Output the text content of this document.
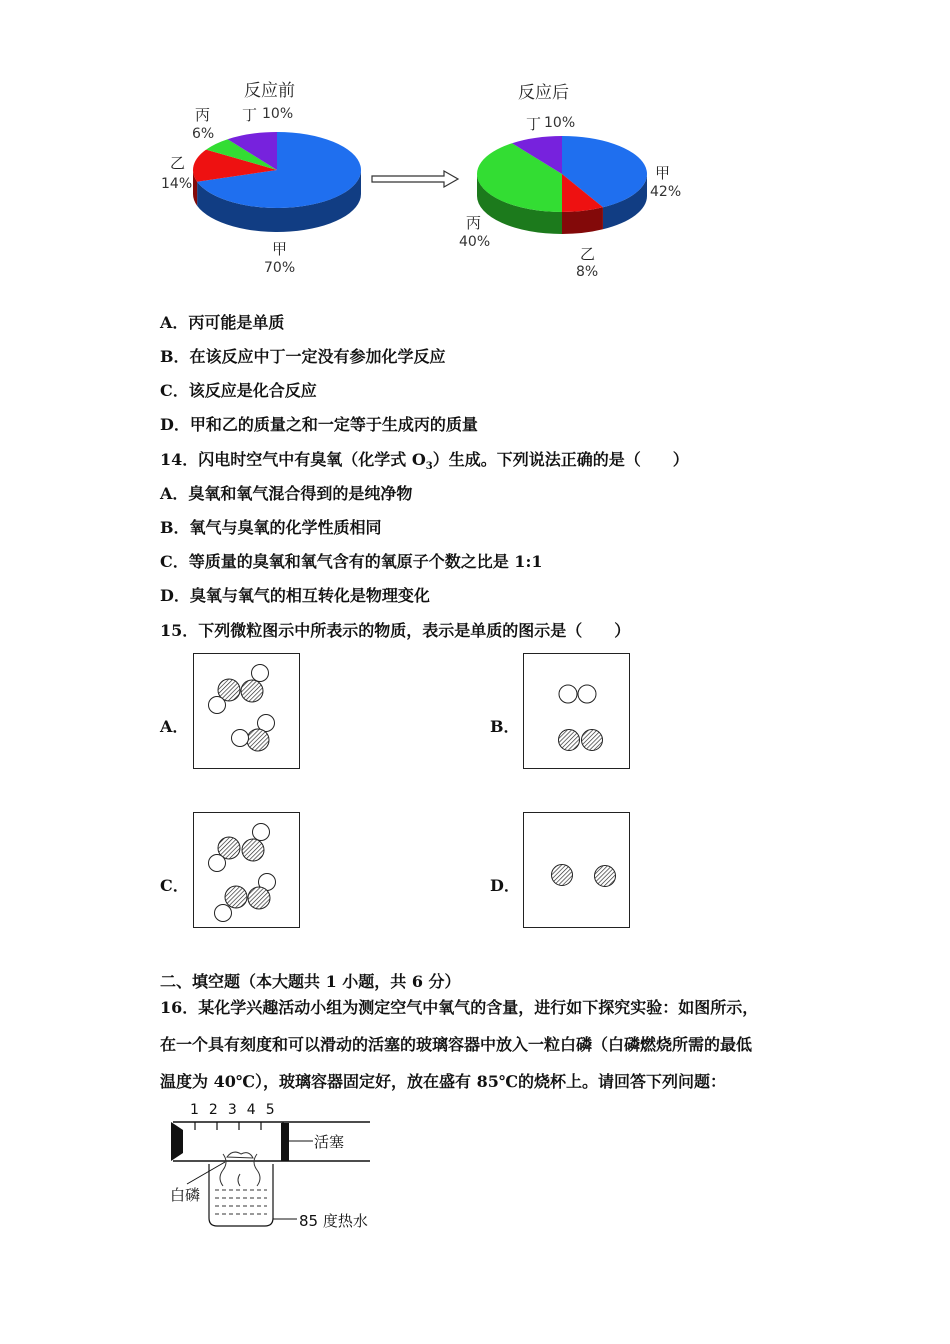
反应前	反应后
丙
6%
丁 10%
乙
14%
甲
70%
丁 10%
甲
42%
丙
40%
乙
8%
A．丙可能是单质
B．在该反应中丁一定没有参加化学反应
C．该反应是化合反应
D．甲和乙的质量之和一定等于生成丙的质量
14．闪电时空气中有臭氧（化学式 $O_3$）生成。下列说法正确的是（　　）
A．臭氧和氧气混合得到的是纯净物
B．氧气与臭氧的化学性质相同
C．等质量的臭氧和氧气含有的氧原子个数之比是 1:1
D．臭氧与氧气的相互转化是物理变化
15．下列微粒图示中所表示的物质，表示是单质的图示是（　　）
A．	B．
C．	D．
二、填空题（本大题共 1 小题，共 6 分）
16．某化学兴趣活动小组为测定空气中氧气的含量，进行如下探究实验：如图所示，
在一个具有刻度和可以滑动的活塞的玻璃容器中放入一粒白磷（白磷燃烧所需的最低
温度为 40℃），玻璃容器固定好，放在盛有 85℃的烧杯上。请回答下列问题：
12345
活塞
白磷
85 度热水
